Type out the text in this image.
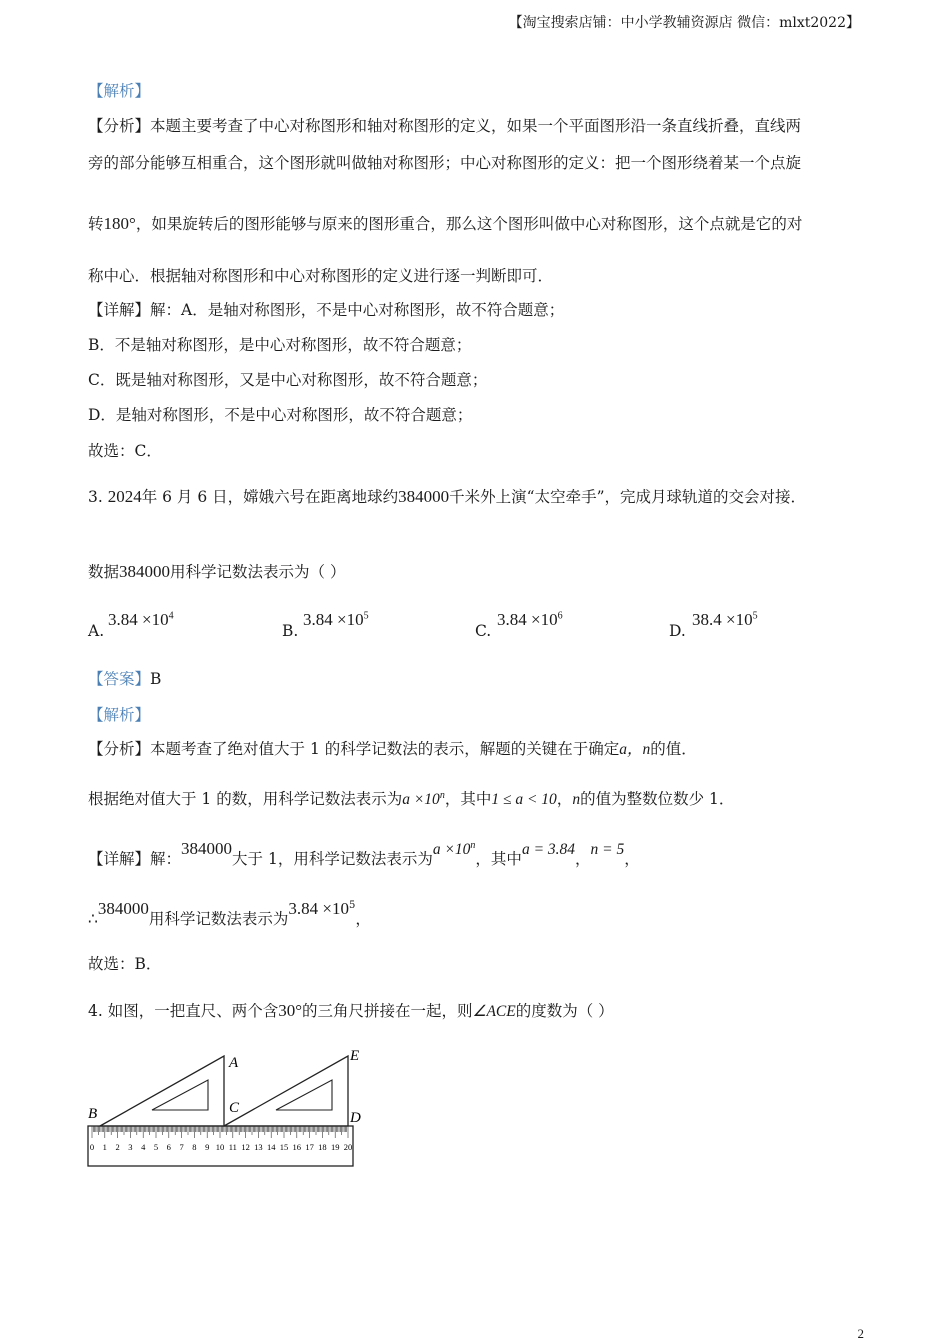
【淘宝搜索店铺：中小学教辅资源店 微信：mlxt2022】
【解析】
【分析】本题主要考查了中心对称图形和轴对称图形的定义，如果一个平面图形沿一条直线折叠，直线两
旁的部分能够互相重合，这个图形就叫做轴对称图形；中心对称图形的定义：把一个图形绕着某一个点旋
转180°，如果旋转后的图形能够与原来的图形重合，那么这个图形叫做中心对称图形，这个点就是它的对
称中心．根据轴对称图形和中心对称图形的定义进行逐一判断即可．
【详解】解：A．是轴对称图形，不是中心对称图形，故不符合题意；
B．不是轴对称图形，是中心对称图形，故不符合题意；
C．既是轴对称图形，又是中心对称图形，故不符合题意；
D．是轴对称图形，不是中心对称图形，故不符合题意；
故选：C．
3. 2024年 6 月 6 日，嫦娥六号在距离地球约384000千米外上演“太空牵手”，完成月球轨道的交会对接．
数据384000用科学记数法表示为（ ）
A.
$3.84 \times 10^4$
B.
$3.84 \times 10^5$
C.
$3.84 \times 10^6$
D.
$38.4 \times 10^5$
【答案】B
【解析】
【分析】本题考查了绝对值大于 1 的科学记数法的表示，解题的关键在于确定a，n的值．
根据绝对值大于 1 的数，用科学记数法表示为$a \times 10^n$，其中1 ≤ a < 10，n的值为整数位数少 1．
【详解】解：384000大于 1，用科学记数法表示为$a \times 10^n$，其中a = 3.84，n = 5，
∴384000用科学记数法表示为$3.84 \times 10^5$，
故选：B．
4. 如图，一把直尺、两个含30°的三角尺拼接在一起，则∠ACE的度数为（ ）
0 1 2 3 4 5 6 7 8 9 10 11 12 13 14 15 16 17 18 19 20
A
B	C
D
E
2
